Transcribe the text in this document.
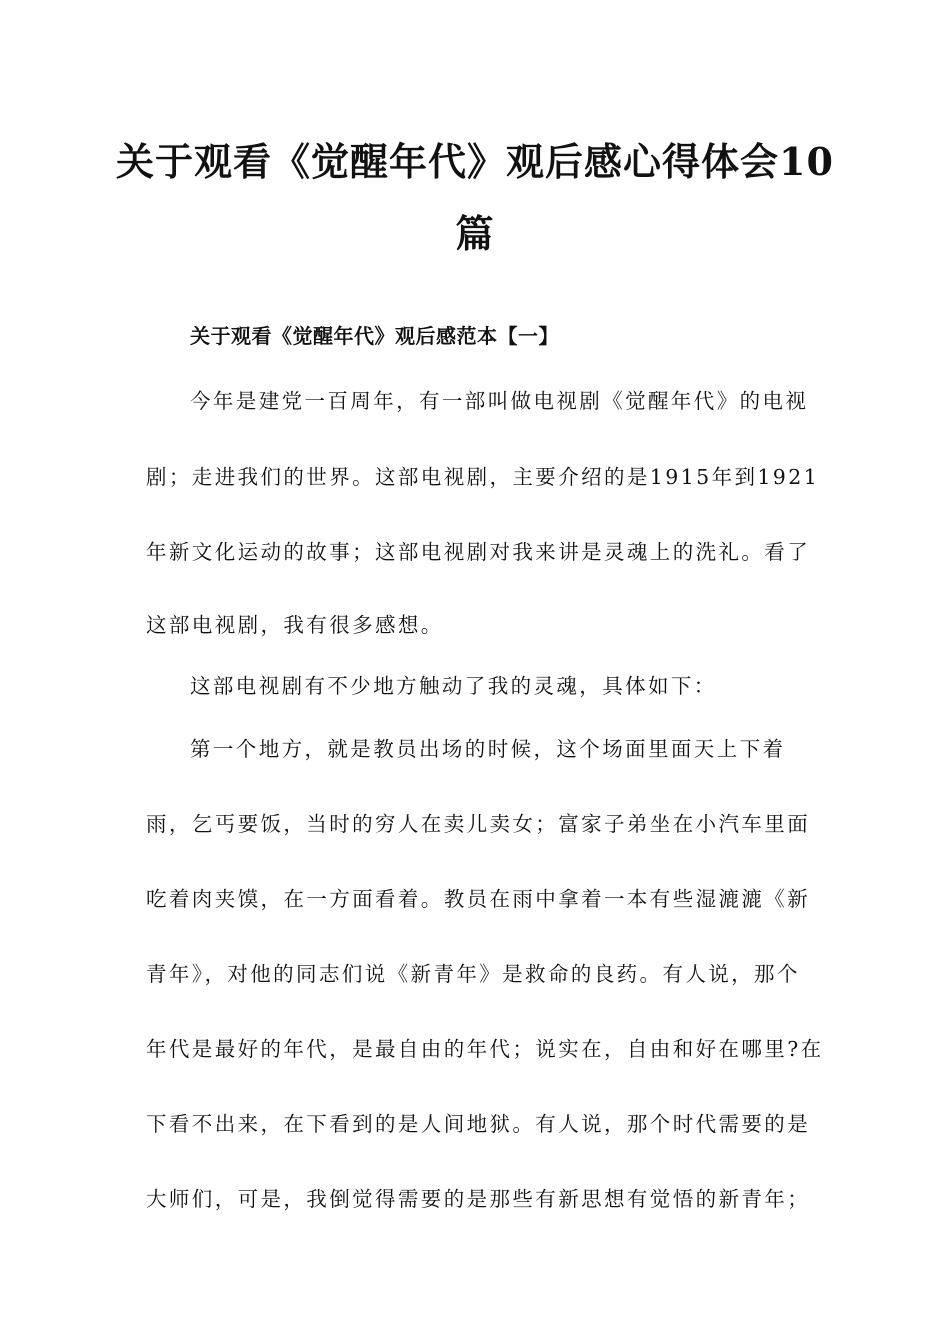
关于观看《觉醒年代》观后感心得体会10
篇
关于观看《觉醒年代》观后感范本【一】
今年是建党一百周年，有一部叫做电视剧《觉醒年代》的电视
剧；走进我们的世界。这部电视剧，主要介绍的是1915年到1921
年新文化运动的故事；这部电视剧对我来讲是灵魂上的洗礼。看了
这部电视剧，我有很多感想。
这部电视剧有不少地方触动了我的灵魂，具体如下：
第一个地方，就是教员出场的时候，这个场面里面天上下着
雨，乞丐要饭，当时的穷人在卖儿卖女；富家子弟坐在小汽车里面
吃着肉夹馍，在一方面看着。教员在雨中拿着一本有些湿漉漉《新
青年》，对他的同志们说《新青年》是救命的良药。有人说，那个
年代是最好的年代，是最自由的年代；说实在，自由和好在哪里?在
下看不出来，在下看到的是人间地狱。有人说，那个时代需要的是
大师们，可是，我倒觉得需要的是那些有新思想有觉悟的新青年；
